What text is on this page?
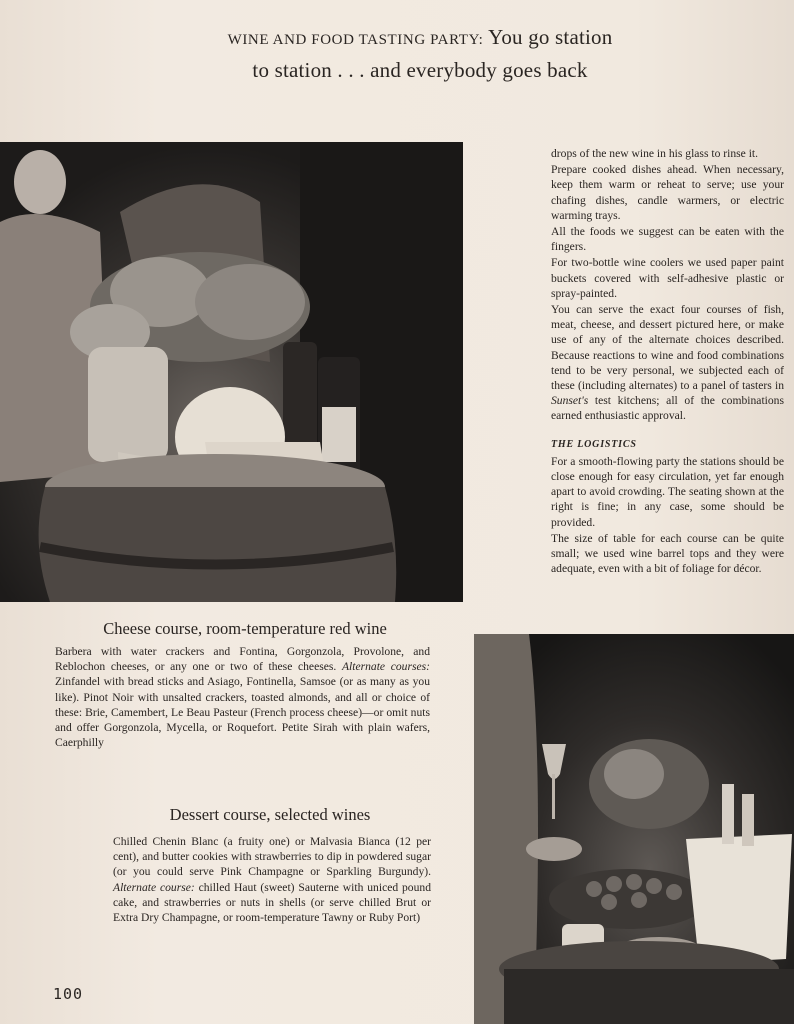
WINE AND FOOD TASTING PARTY: You go station
to station . . . and everybody goes back

drops of the new wine in his glass to rinse it.

Prepare cooked dishes ahead. When necessary, keep them warm or reheat to serve; use your chafing dishes, candle warmers, or electric warming trays.

All the foods we suggest can be eaten with the fingers.

For two-bottle wine coolers we used paper paint buckets covered with self-adhesive plastic or spray-painted.

You can serve the exact four courses of fish, meat, cheese, and dessert pictured here, or make use of any of the alternate choices described. Because reactions to wine and food combinations tend to be very personal, we subjected each of these (including alternates) to a panel of tasters in Sunset's test kitchens; all of the combinations earned enthusiastic approval.

THE LOGISTICS

For a smooth-flowing party the stations should be close enough for easy circulation, yet far enough apart to avoid crowding. The seating shown at the right is fine; in any case, some should be provided.

The size of table for each course can be quite small; we used wine barrel tops and they were adequate, even with a bit of foliage for décor.

Cheese course, room-temperature red wine
Barbera with water crackers and Fontina, Gorgonzola, Provolone, and Reblochon cheeses, or any one or two of these cheeses. Alternate courses: Zinfandel with bread sticks and Asiago, Fontinella, Samsoe (or as many as you like). Pinot Noir with unsalted crackers, toasted almonds, and all or choice of these: Brie, Camembert, Le Beau Pasteur (French process cheese)—or omit nuts and offer Gorgonzola, Mycella, or Roquefort. Petite Sirah with plain wafers, Caerphilly
Dessert course, selected wines
Chilled Chenin Blanc (a fruity one) or Malvasia Bianca (12 per cent), and butter cookies with strawberries to dip in powdered sugar (or you could serve Pink Champagne or Sparkling Burgundy). Alternate course: chilled Haut (sweet) Sauterne with uniced pound cake, and strawberries or nuts in shells (or serve chilled Brut or Extra Dry Champagne, or room-temperature Tawny or Ruby Port)
100
